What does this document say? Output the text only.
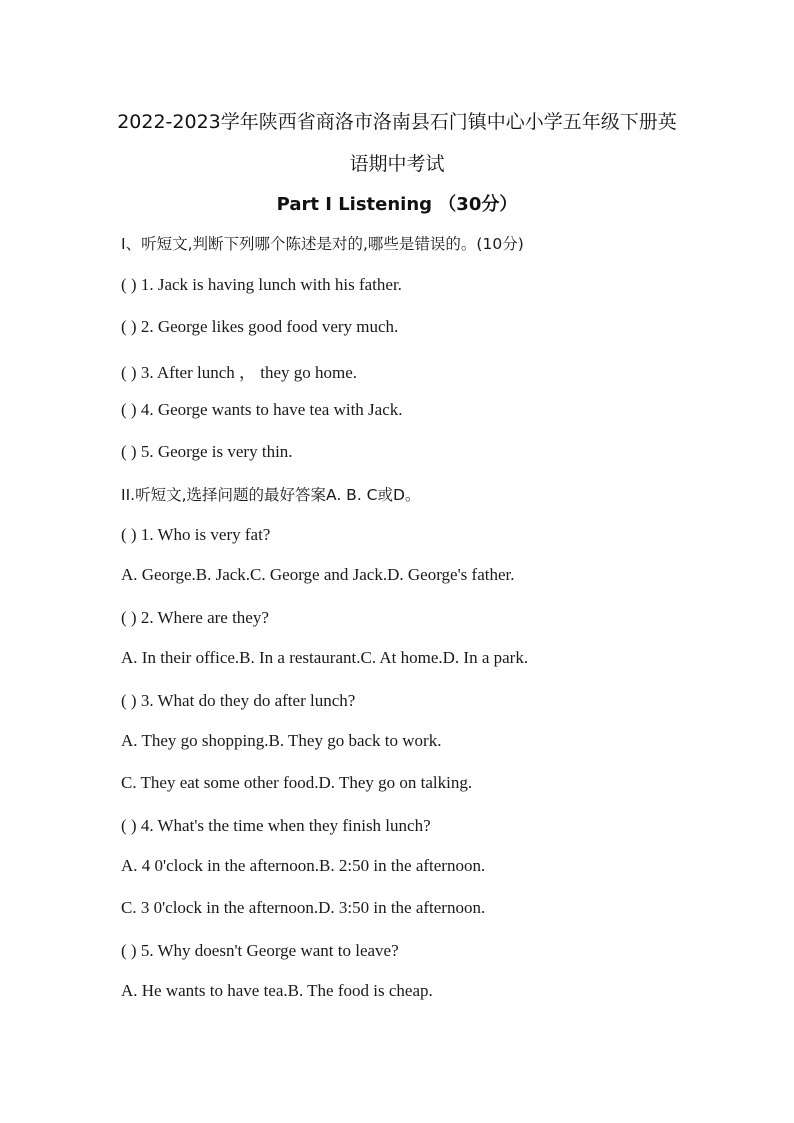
2022-2023学年陕西省商洛市洛南县石门镇中心小学五年级下册英
语期中考试
Part Ⅰ Listening （30分）
Ⅰ、听短文,判断下列哪个陈述是对的,哪些是错误的。(10分)
( ) 1. Jack is having lunch with his father.
( ) 2. George likes good food very much.
( ) 3. After lunch ， they go home.
( ) 4. George wants to have tea with Jack.
( ) 5. George is very thin.
II.听短文,选择问题的最好答案A. B. C或D。
( ) 1. Who is very fat?
A. George.B. Jack.C. George and Jack.D. George's father.
( ) 2. Where are they?
A. In their office.B. In a restaurant.C. At home.D. In a park.
( ) 3. What do they do after lunch?
A. They go shopping.B. They go back to work.
C. They eat some other food.D. They go on talking.
( ) 4. What's the time when they finish lunch?
A. 4 0'clock in the afternoon.B. 2:50 in the afternoon.
C. 3 0'clock in the afternoon.D. 3:50 in the afternoon.
( ) 5. Why doesn't George want to leave?
A. He wants to have tea.B. The food is cheap.
